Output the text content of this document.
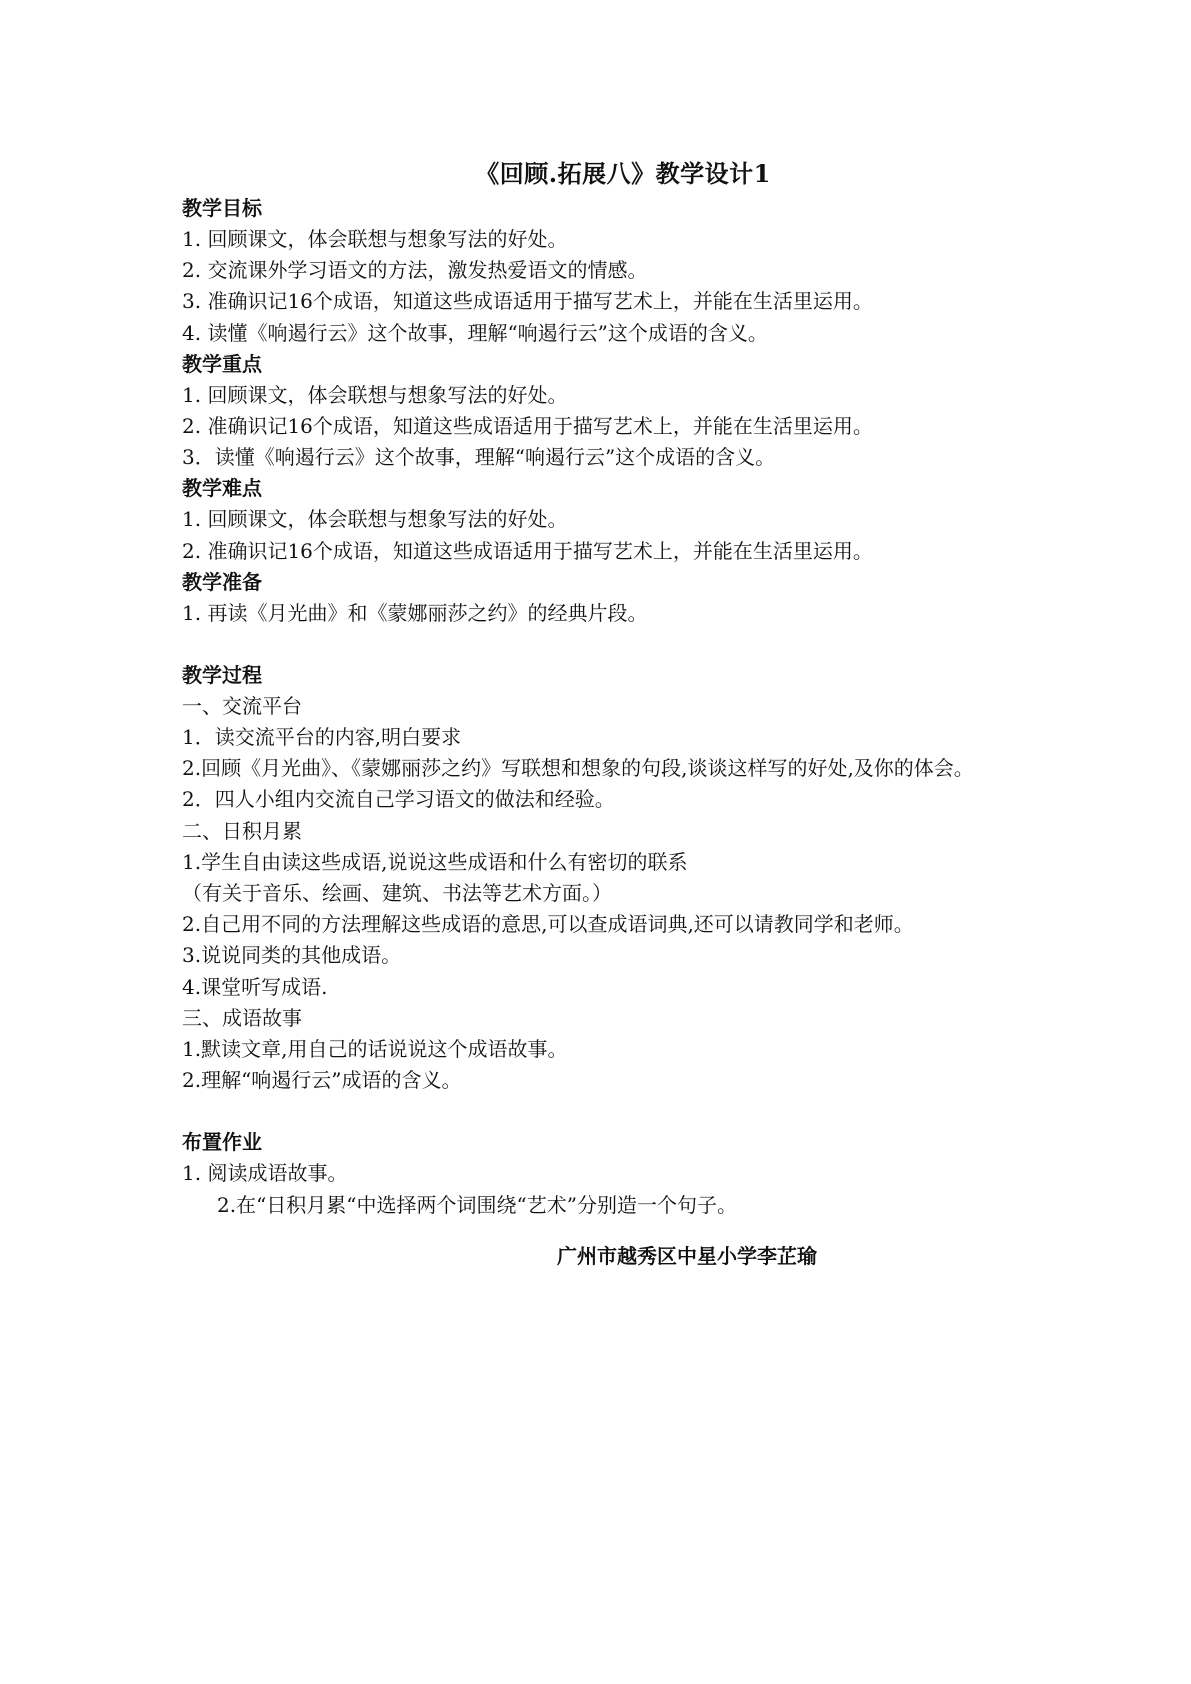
《回顾.拓展八》教学设计1
教学目标
1. 回顾课文，体会联想与想象写法的好处。
2. 交流课外学习语文的方法，激发热爱语文的情感。
3. 准确识记16个成语，知道这些成语适用于描写艺术上，并能在生活里运用。
4. 读懂《响遏行云》这个故事，理解“响遏行云”这个成语的含义。
教学重点
1. 回顾课文，体会联想与想象写法的好处。
2. 准确识记16个成语，知道这些成语适用于描写艺术上，并能在生活里运用。
3．读懂《响遏行云》这个故事，理解“响遏行云”这个成语的含义。
教学难点
1. 回顾课文，体会联想与想象写法的好处。
2. 准确识记16个成语，知道这些成语适用于描写艺术上，并能在生活里运用。
教学准备
1. 再读《月光曲》和《蒙娜丽莎之约》的经典片段。
教学过程
一、交流平台
1．读交流平台的内容,明白要求
2.回顾《月光曲》、《蒙娜丽莎之约》写联想和想象的句段,谈谈这样写的好处,及你的体会。
2．四人小组内交流自己学习语文的做法和经验。
二、日积月累
1.学生自由读这些成语,说说这些成语和什么有密切的联系
（有关于音乐、绘画、建筑、书法等艺术方面。）
2.自己用不同的方法理解这些成语的意思,可以查成语词典,还可以请教同学和老师。
3.说说同类的其他成语。
4.课堂听写成语.
三、成语故事
1.默读文章,用自己的话说说这个成语故事。
2.理解“响遏行云”成语的含义。
布置作业
1. 阅读成语故事。
2.在“日积月累“中选择两个词围绕“艺术”分别造一个句子。
广州市越秀区中星小学李芷瑜
